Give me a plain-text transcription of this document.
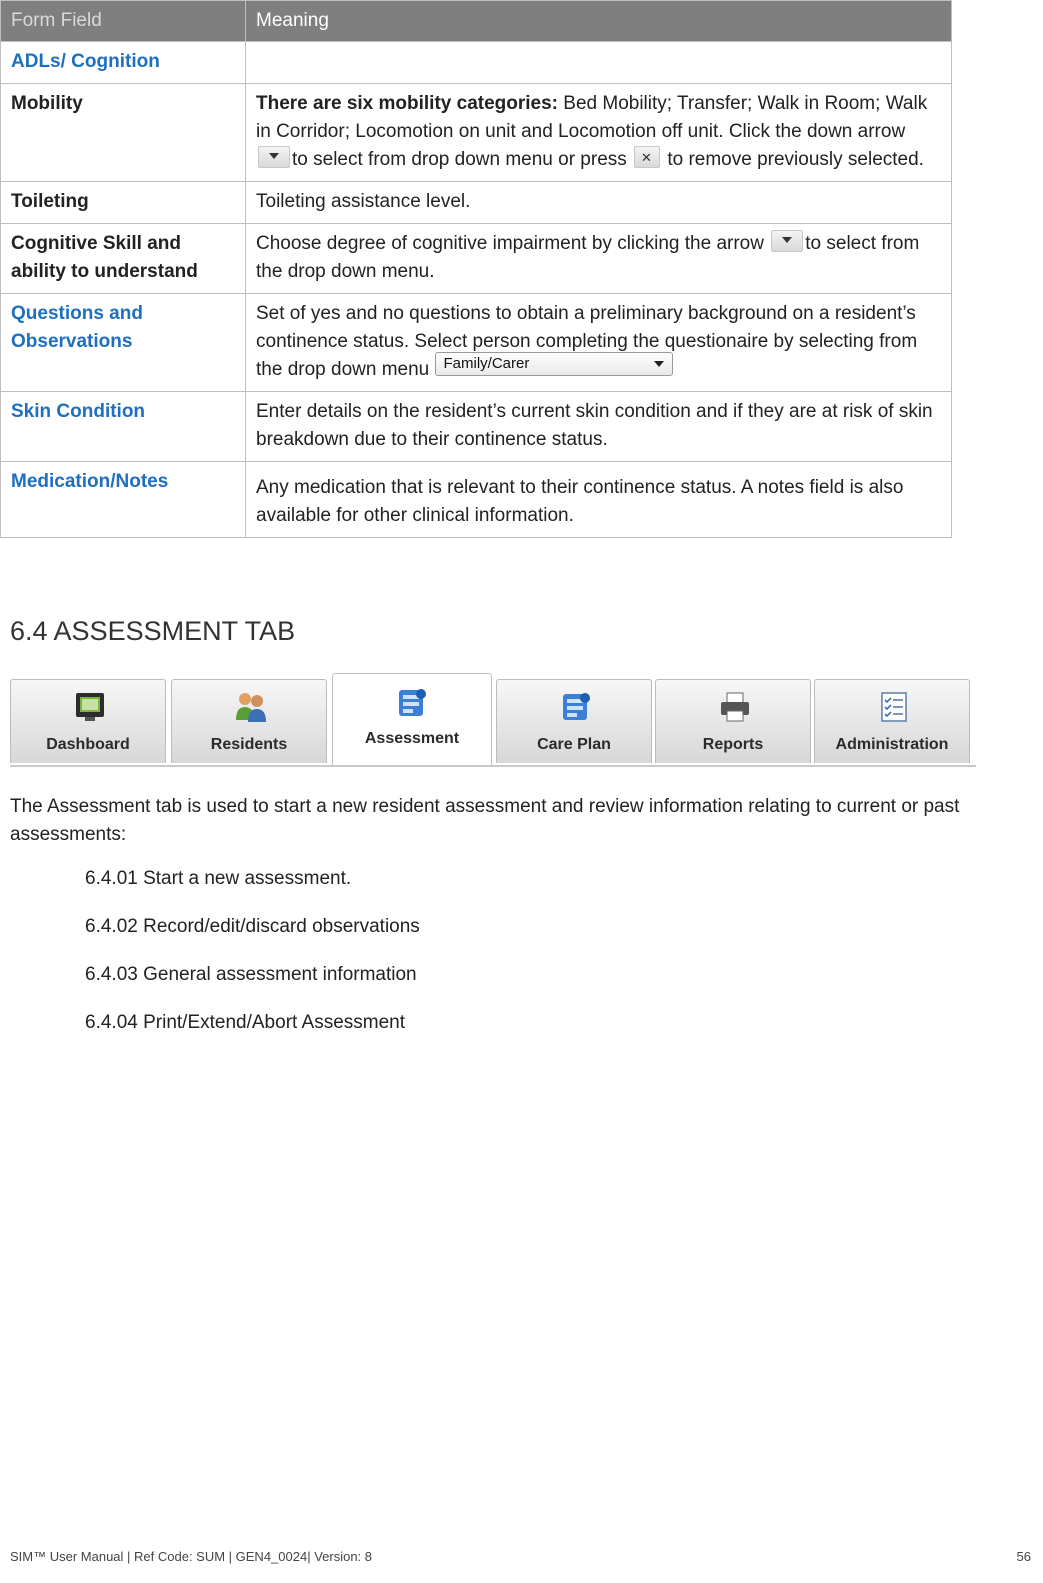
Form Field	Meaning
ADLs/ Cognition	
Mobility	There are six mobility categories: Bed Mobility; Transfer; Walk in Room; Walk in Corridor; Locomotion on unit and Locomotion off unit. Click the down arrow to select from drop down menu or press ✕ to remove previously selected.
Toileting	Toileting assistance level.
Cognitive Skill and ability to understand	Choose degree of cognitive impairment by clicking the arrow to select from the drop down menu.
Questions and Observations	Set of yes and no questions to obtain a preliminary background on a resident’s continence status. Select person completing the questionaire by selecting from the drop down menu Family/Carer

Skin Condition	Enter details on the resident’s current skin condition and if they are at risk of skin breakdown due to their continence status.
Medication/Notes	Any medication that is relevant to their continence status. A notes field is also available for other clinical information.
6.4 ASSESSMENT TAB
Dashboard	Residents	Assessment	Care Plan	Reports	Administration

The Assessment tab is used to start a new resident assessment and review information relating to current or past assessments:

6.4.01 Start a new assessment.
6.4.02 Record/edit/discard observations
6.4.03 General assessment information
6.4.04 Print/Extend/Abort Assessment
SIM™ User Manual | Ref Code: SUM | GEN4_0024| Version: 8	56
